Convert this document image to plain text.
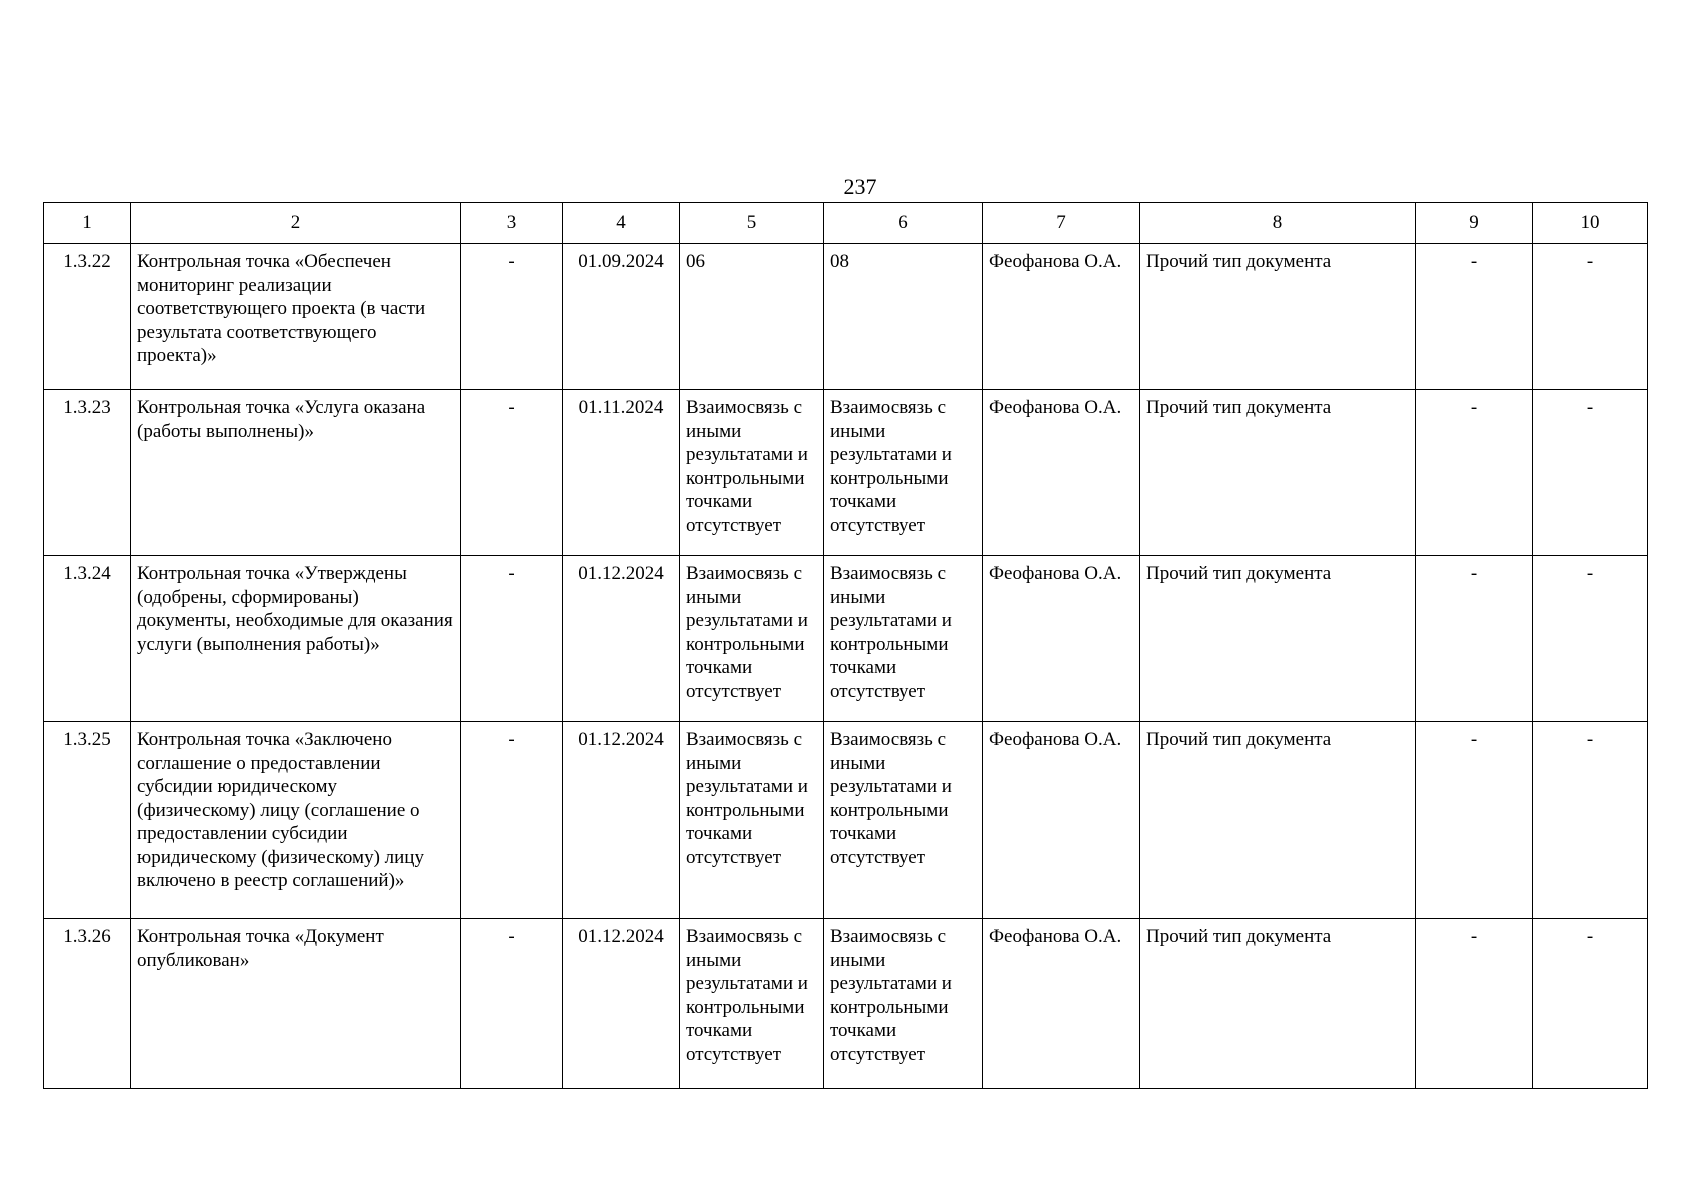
237
1	2	3	4	5	6	7	8	9	10
1.3.22	Контрольная точка «Обеспечен мониторинг реализации соответствующего проекта (в части результата соответствующего проекта)»	-	01.09.2024	06	08	Феофанова О.А.	Прочий тип документа	-	-
1.3.23	Контрольная точка «Услуга оказана (работы выполнены)»	-	01.11.2024	Взаимосвязь с иными результатами и контрольными точками отсутствует	Взаимосвязь с иными результатами и контрольными точками отсутствует	Феофанова О.А.	Прочий тип документа	-	-
1.3.24	Контрольная точка «Утверждены (одобрены, сформированы) документы, необходимые для оказания услуги (выполнения работы)»	-	01.12.2024	Взаимосвязь с иными результатами и контрольными точками отсутствует	Взаимосвязь с иными результатами и контрольными точками отсутствует	Феофанова О.А.	Прочий тип документа	-	-
1.3.25	Контрольная точка «Заключено соглашение о предоставлении субсидии юридическому (физическому) лицу (соглашение о предоставлении субсидии юридическому (физическому) лицу включено в реестр соглашений)»	-	01.12.2024	Взаимосвязь с иными результатами и контрольными точками отсутствует	Взаимосвязь с иными результатами и контрольными точками отсутствует	Феофанова О.А.	Прочий тип документа	-	-
1.3.26	Контрольная точка «Документ опубликован»	-	01.12.2024	Взаимосвязь с иными результатами и контрольными точками отсутствует	Взаимосвязь с иными результатами и контрольными точками отсутствует	Феофанова О.А.	Прочий тип документа	-	-
